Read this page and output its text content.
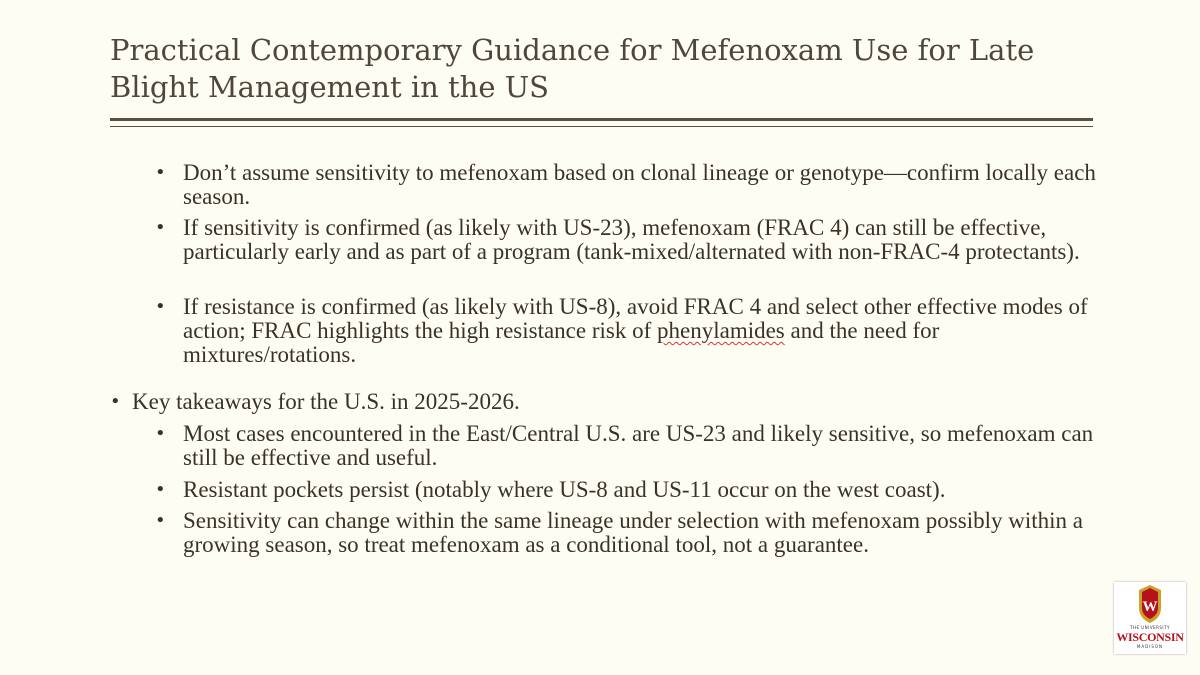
Practical Contemporary Guidance for Mefenoxam Use for Late Blight Management in the US
• Don’t assume sensitivity to mefenoxam based on clonal lineage or genotype—confirm locally each season.
• If sensitivity is confirmed (as likely with US-23), mefenoxam (FRAC 4) can still be effective, particularly early and as part of a program (tank-mixed/alternated with non-FRAC-4 protectants).
• If resistance is confirmed (as likely with US-8), avoid FRAC 4 and select other effective modes of action; FRAC highlights the high resistance risk of phenylamides and the need for mixtures/rotations.
• Key takeaways for the U.S. in 2025-2026.
• Most cases encountered in the East/Central U.S. are US-23 and likely sensitive, so mefenoxam can still be effective and useful.
• Resistant pockets persist (notably where US-8 and US-11 occur on the west coast).
• Sensitivity can change within the same lineage under selection with mefenoxam possibly within a growing season, so treat mefenoxam as a conditional tool, not a guarantee.
W
THE UNIVERSITY
WISCONSIN
MADISON
